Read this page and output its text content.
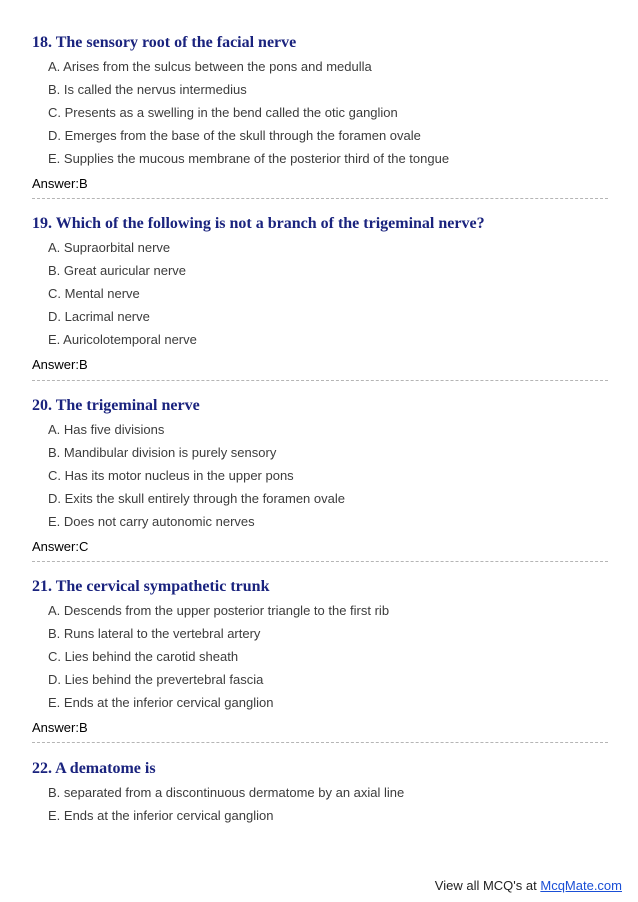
18. The sensory root of the facial nerve
A. Arises from the sulcus between the pons and medulla
B. Is called the nervus intermedius
C. Presents as a swelling in the bend called the otic ganglion
D. Emerges from the base of the skull through the foramen ovale
E. Supplies the mucous membrane of the posterior third of the tongue
Answer:B
19. Which of the following is not a branch of the trigeminal nerve?
A. Supraorbital nerve
B. Great auricular nerve
C. Mental nerve
D. Lacrimal nerve
E. Auricolotemporal nerve
Answer:B
20. The trigeminal nerve
A. Has five divisions
B. Mandibular division is purely sensory
C. Has its motor nucleus in the upper pons
D. Exits the skull entirely through the foramen ovale
E. Does not carry autonomic nerves
Answer:C
21. The cervical sympathetic trunk
A. Descends from the upper posterior triangle to the first rib
B. Runs lateral to the vertebral artery
C. Lies behind the carotid sheath
D. Lies behind the prevertebral fascia
E. Ends at the inferior cervical ganglion
Answer:B
22. A dematome is
B. separated from a discontinuous dermatome by an axial line
E. Ends at the inferior cervical ganglion
View all MCQ's at McqMate.com
